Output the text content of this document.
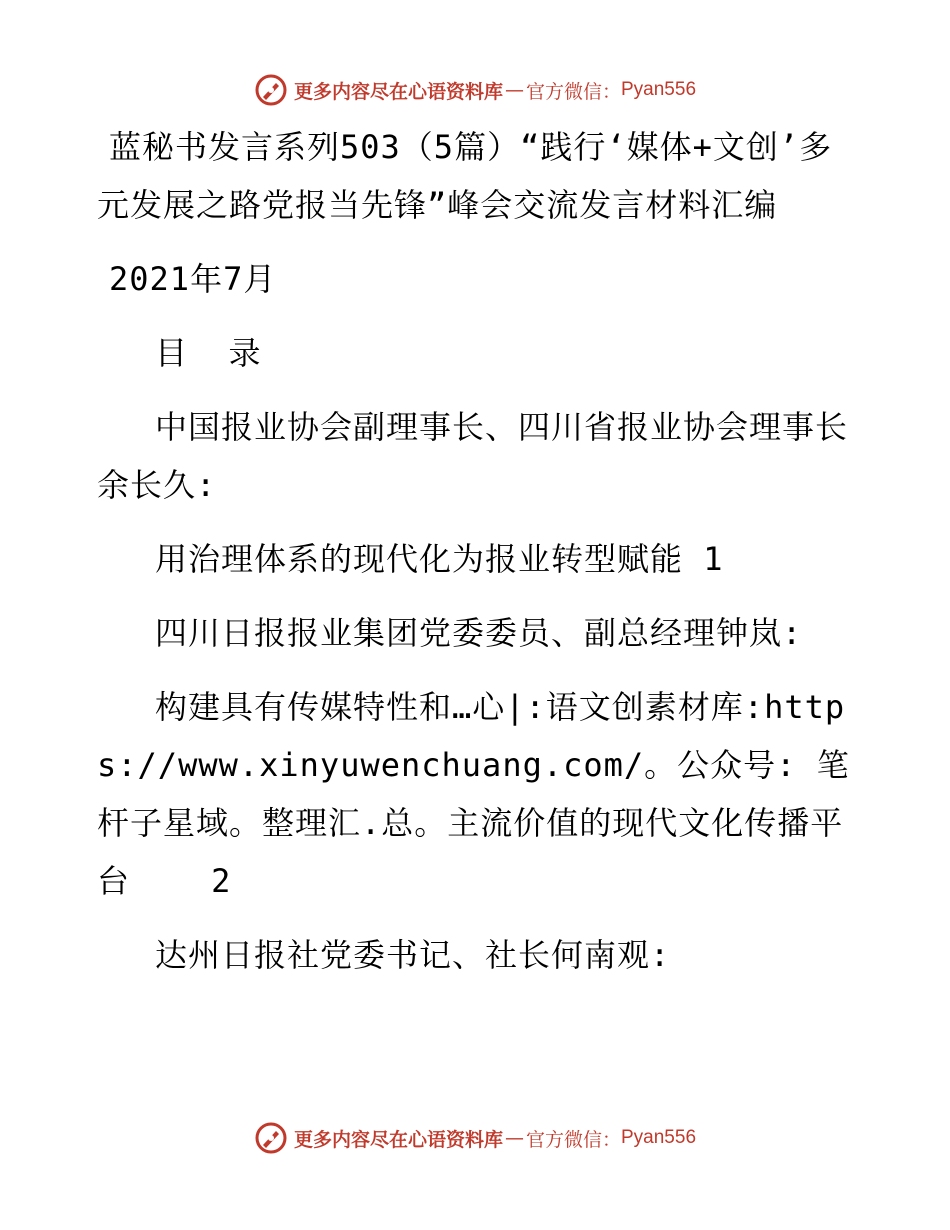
更多内容尽在心语资料库 — 官方微信： Pyan556
蓝秘书发言系列503（5篇）“践行‘媒体+文创’多元发展之路党报当先锋”峰会交流发言材料汇编

2021年7月

目  录

中国报业协会副理事长、四川省报业协会理事长余长久:

用治理体系的现代化为报业转型赋能 1

四川日报报业集团党委委员、副总经理钟岚:

构建具有传媒特性和…心|:语文创素材库:https://www.xinyuwenchuang.com/。公众号: 笔杆子星域。整理汇.总。主流价值的现代文化传播平台    2

达州日报社党委书记、社长何南观:

更多内容尽在心语资料库 — 官方微信： Pyan556
